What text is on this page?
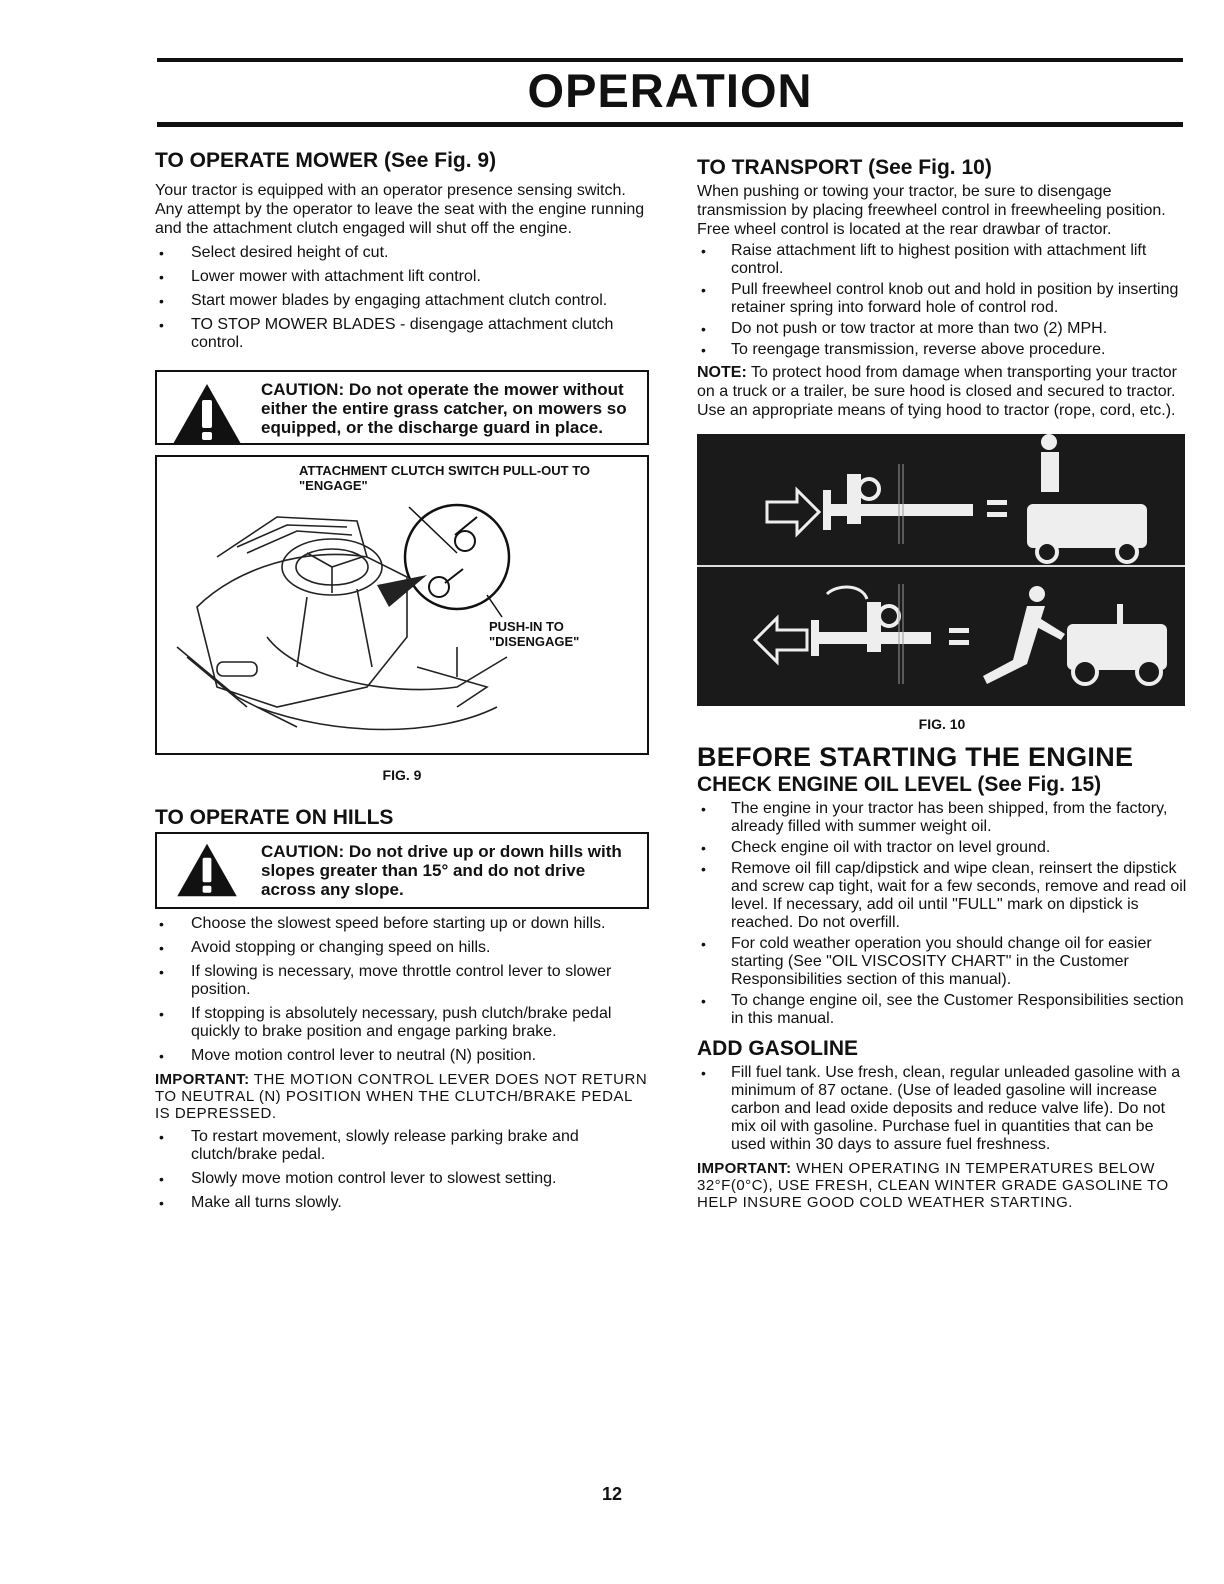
OPERATION
TO OPERATE MOWER (See Fig. 9)

Your tractor is equipped with an operator presence sensing switch. Any attempt by the operator to leave the seat with the engine running and the attachment clutch engaged will shut off the engine.

• Select desired height of cut.
• Lower mower with attachment lift control.
• Start mower blades by engaging attachment clutch control.
• TO STOP MOWER BLADES - disengage attachment clutch control.

CAUTION: Do not operate the mower without either the entire grass catcher, on mowers so equipped, or the discharge guard in place.

ATTACHMENT CLUTCH SWITCH PULL-OUT TO "ENGAGE"
PUSH-IN TO "DISENGAGE"
FIG. 9
TO OPERATE ON HILLS

CAUTION: Do not drive up or down hills with slopes greater than 15° and do not drive across any slope.

• Choose the slowest speed before starting up or down hills.
• Avoid stopping or changing speed on hills.
• If slowing is necessary, move throttle control lever to slower position.
• If stopping is absolutely necessary, push clutch/brake pedal quickly to brake position and engage parking brake.
• Move motion control lever to neutral (N) position.

IMPORTANT: THE MOTION CONTROL LEVER DOES NOT RETURN TO NEUTRAL (N) POSITION WHEN THE CLUTCH/BRAKE PEDAL IS DEPRESSED.

• To restart movement, slowly release parking brake and clutch/brake pedal.
• Slowly move motion control lever to slowest setting.
• Make all turns slowly.
TO TRANSPORT (See Fig. 10)

When pushing or towing your tractor, be sure to disengage transmission by placing freewheel control in freewheeling position. Free wheel control is located at the rear drawbar of tractor.

• Raise attachment lift to highest position with attachment lift control.
• Pull freewheel control knob out and hold in position by inserting retainer spring into forward hole of control rod.
• Do not push or tow tractor at more than two (2) MPH.
• To reengage transmission, reverse above procedure.

NOTE: To protect hood from damage when transporting your tractor on a truck or a trailer, be sure hood is closed and secured to tractor. Use an appropriate means of tying hood to tractor (rope, cord, etc.).

FIG. 10
BEFORE STARTING THE ENGINE
CHECK ENGINE OIL LEVEL (See Fig. 15)
• The engine in your tractor has been shipped, from the factory, already filled with summer weight oil.
• Check engine oil with tractor on level ground.
• Remove oil fill cap/dipstick and wipe clean, reinsert the dipstick and screw cap tight, wait for a few seconds, remove and read oil level. If necessary, add oil until "FULL" mark on dipstick is reached. Do not overfill.
• For cold weather operation you should change oil for easier starting (See "OIL VISCOSITY CHART" in the Customer Responsibilities section of this manual).
• To change engine oil, see the Customer Responsibilities section in this manual.
ADD GASOLINE
• Fill fuel tank. Use fresh, clean, regular unleaded gasoline with a minimum of 87 octane. (Use of leaded gasoline will increase carbon and lead oxide deposits and reduce valve life). Do not mix oil with gasoline. Purchase fuel in quantities that can be used within 30 days to assure fuel freshness.

IMPORTANT: WHEN OPERATING IN TEMPERATURES BELOW 32°F(0°C), USE FRESH, CLEAN WINTER GRADE GASOLINE TO HELP INSURE GOOD COLD WEATHER STARTING.

12
